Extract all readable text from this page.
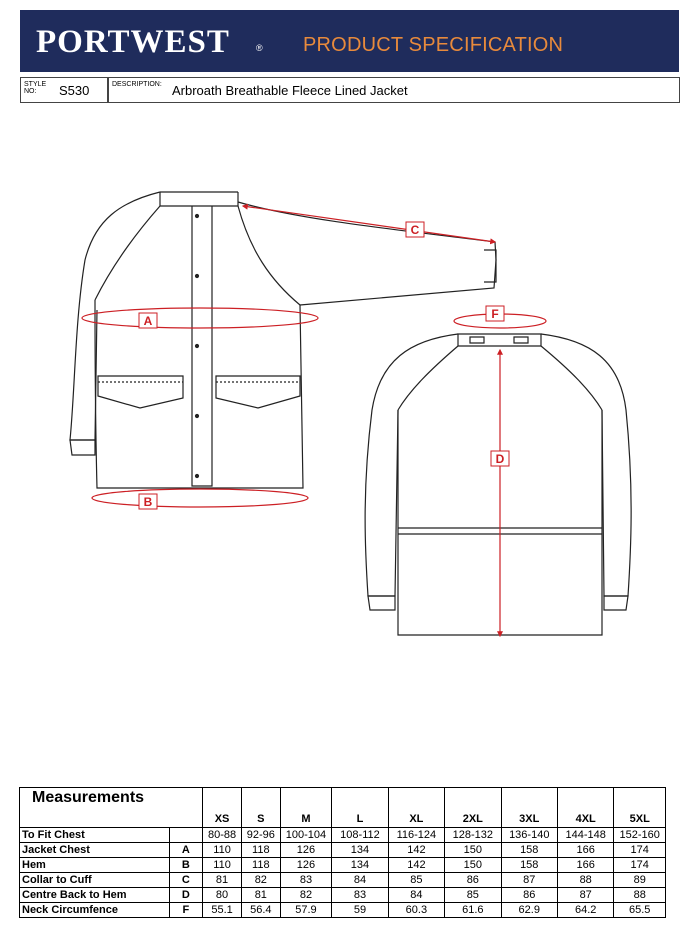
PORTWEST	® PRODUCT SPECIFICATION
STYLE
NO:	S530	DESCRIPTION: Arbroath Breathable Fleece Lined Jacket
C
A
B
F
D
Measurements		XS	S	M	L	XL	2XL	3XL	4XL	5XL
To Fit Chest		80-88	92-96	100-104	108-112	116-124	128-132	136-140	144-148	152-160
Jacket Chest	A	110	118	126	134	142	150	158	166	174
Hem	B	110	118	126	134	142	150	158	166	174
Collar to Cuff	C	81	82	83	84	85	86	87	88	89
Centre Back to Hem	D	80	81	82	83	84	85	86	87	88
Neck Circumfence	F	55.1	56.4	57.9	59	60.3	61.6	62.9	64.2	65.5
